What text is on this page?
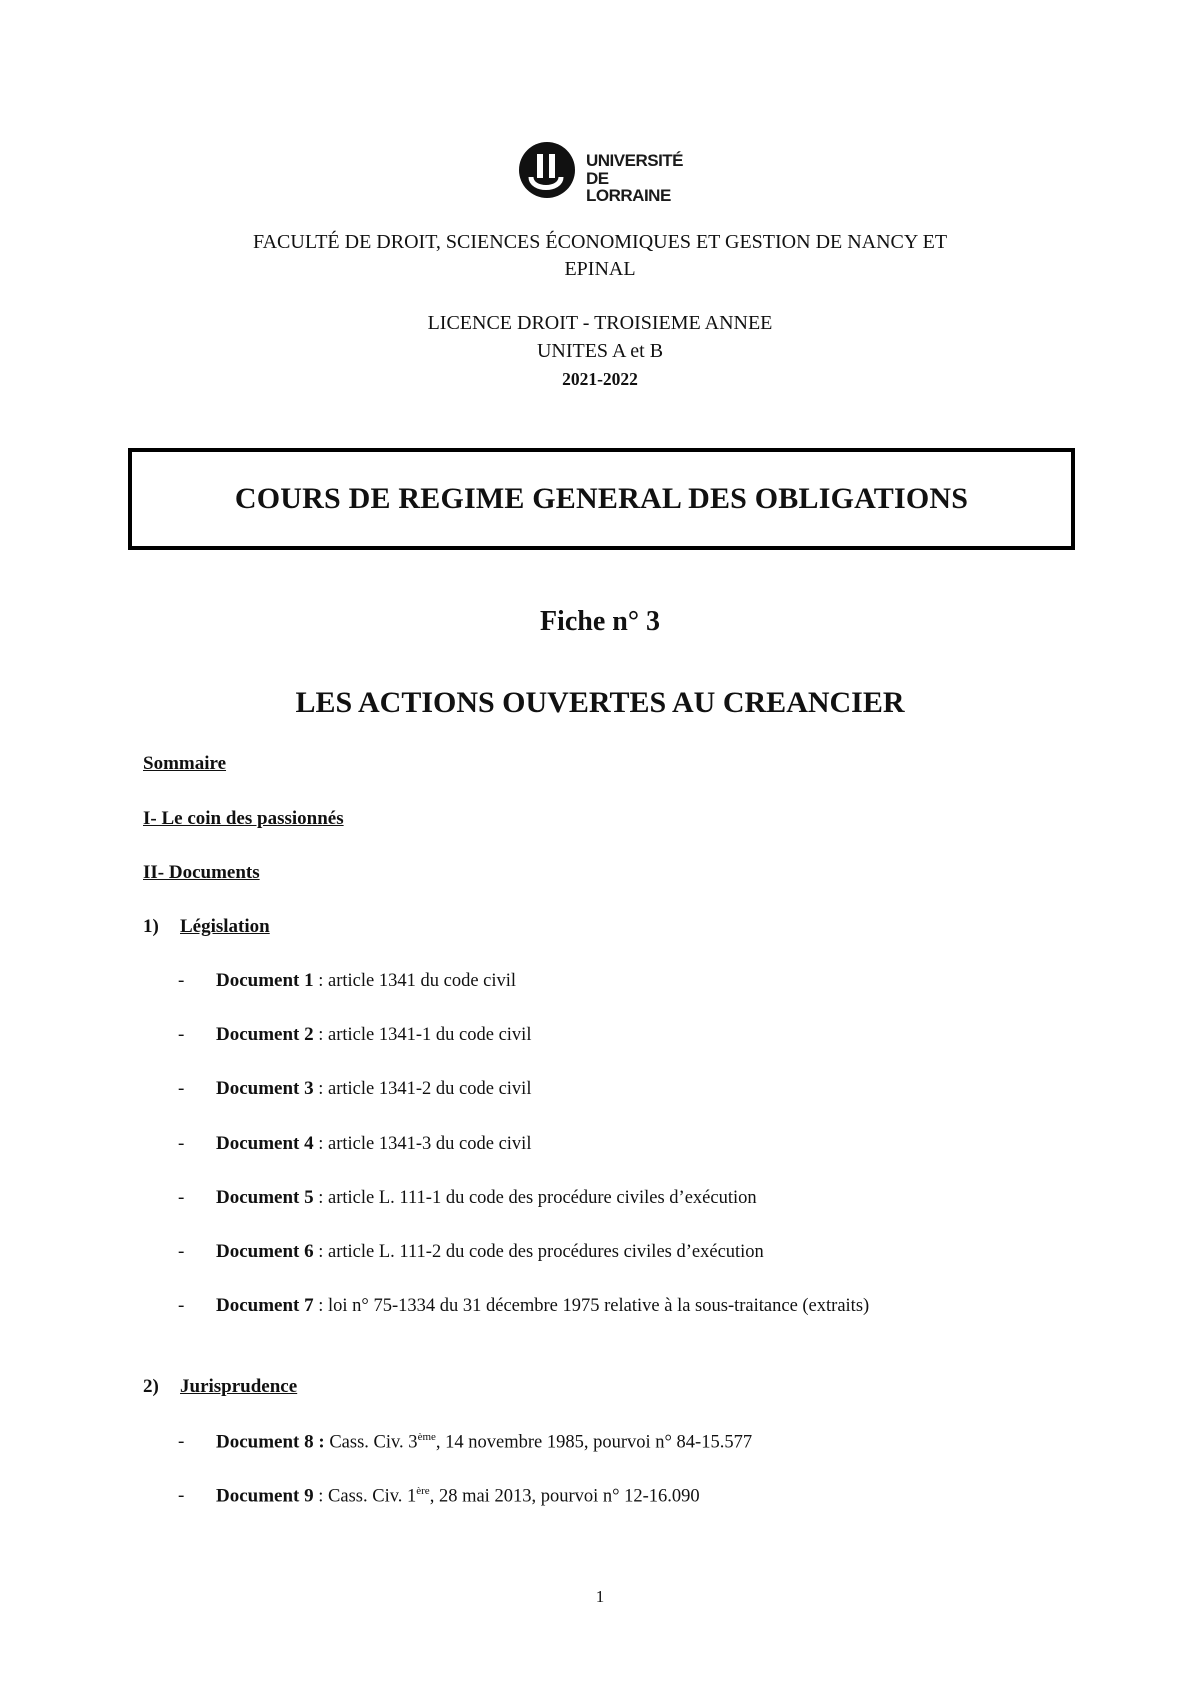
UNIVERSITÉ
DE LORRAINE
FACULTÉ DE DROIT, SCIENCES ÉCONOMIQUES ET GESTION DE NANCY ET
EPINAL
LICENCE DROIT - TROISIEME ANNEE
UNITES A et B
2021-2022
COURS DE REGIME GENERAL DES OBLIGATIONS
Fiche n° 3
LES ACTIONS OUVERTES AU CREANCIER
Sommaire
I- Le coin des passionnés
II- Documents
1) Législation
- Document 1 : article 1341 du code civil
- Document 2 : article 1341-1 du code civil
- Document 3 : article 1341-2 du code civil
- Document 4 : article 1341-3 du code civil
- Document 5 : article L. 111-1 du code des procédure civiles d’exécution
- Document 6 : article L. 111-2 du code des procédures civiles d’exécution
- Document 7 : loi n° 75-1334 du 31 décembre 1975 relative à la sous-traitance (extraits)
2) Jurisprudence
- Document 8 : Cass. Civ. 3ème, 14 novembre 1985, pourvoi n° 84-15.577
- Document 9 : Cass. Civ. 1ère, 28 mai 2013, pourvoi n° 12-16.090
1
